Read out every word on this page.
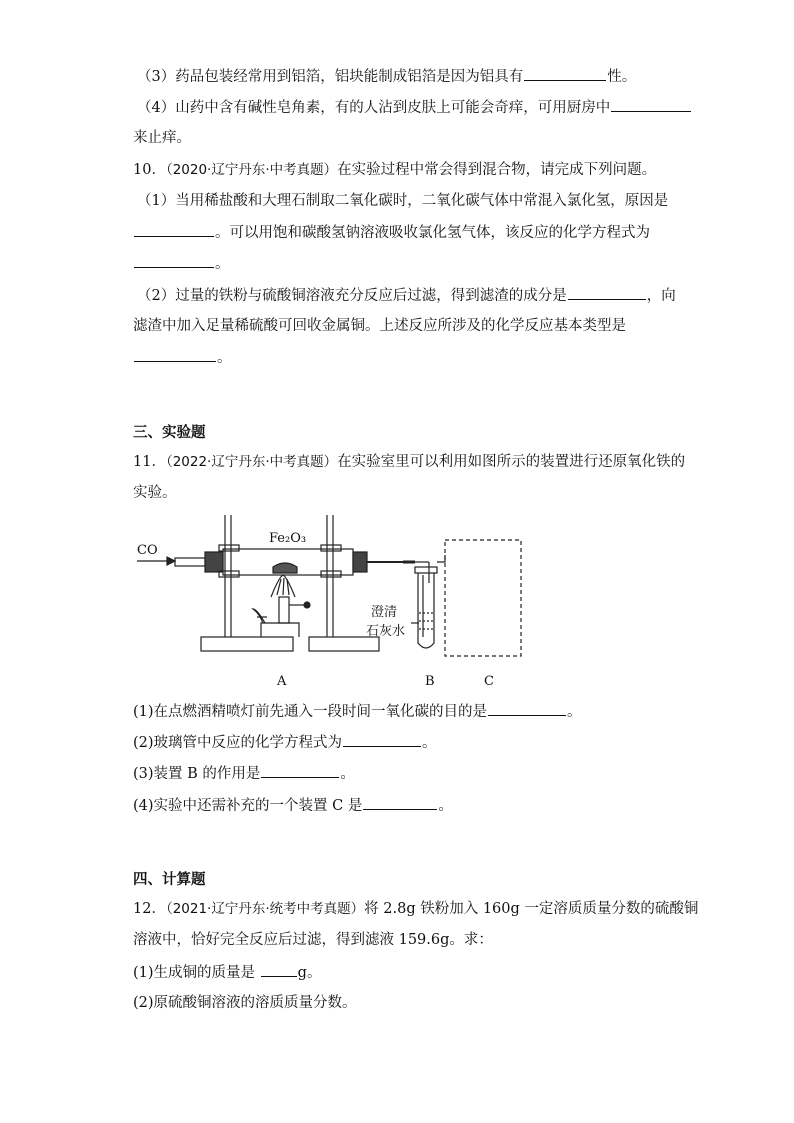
（3）药品包装经常用到铝箔，铝块能制成铝箔是因为铝具有	性。
（4）山药中含有碱性皂角素，有的人沾到皮肤上可能会奇痒，可用厨房中
来止痒。
10．（2020·辽宁丹东·中考真题）在实验过程中常会得到混合物，请完成下列问题。
（1）当用稀盐酸和大理石制取二氧化碳时，二氧化碳气体中常混入氯化氢，原因是
。可以用饱和碳酸氢钠溶液吸收氯化氢气体，该反应的化学方程式为
。
（2）过量的铁粉与硫酸铜溶液充分反应后过滤，得到滤渣的成分是	，向
滤渣中加入足量稀硫酸可回收金属铜。上述反应所涉及的化学反应基本类型是
。
三、实验题
11．（2022·辽宁丹东·中考真题）在实验室里可以利用如图所示的装置进行还原氧化铁的
实验。
CO
Fe₂O₃
澄清
石灰水
A	B	C
(1)在点燃酒精喷灯前先通入一段时间一氧化碳的目的是	。
(2)玻璃管中反应的化学方程式为	。
(3)装置 B 的作用是	。
(4)实验中还需补充的一个装置 C 是	。
四、计算题
12．（2021·辽宁丹东·统考中考真题）将 2.8g 铁粉加入 160g 一定溶质质量分数的硫酸铜
溶液中，恰好完全反应后过滤，得到滤液 159.6g。求：
(1)生成铜的质量是	g。
(2)原硫酸铜溶液的溶质质量分数。
